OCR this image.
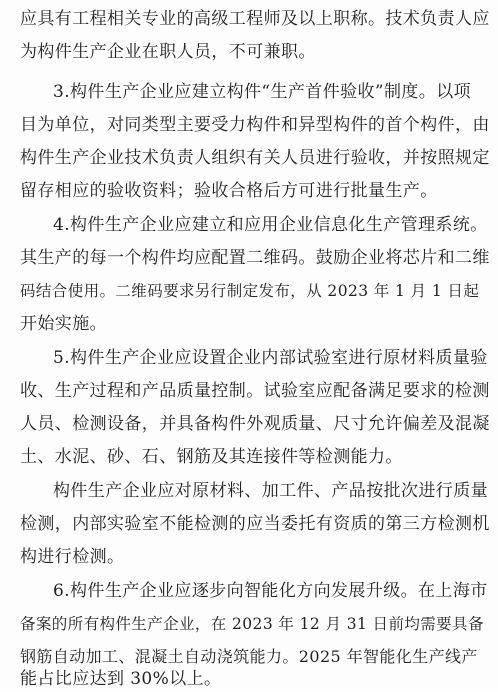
应具有工程相关专业的高级工程师及以上职称。技术负责人应
为构件生产企业在职人员，不可兼职。
3.构件生产企业应建立构件“生产首件验收”制度。以项
目为单位，对同类型主要受力构件和异型构件的首个构件，由
构件生产企业技术负责人组织有关人员进行验收，并按照规定
留存相应的验收资料；验收合格后方可进行批量生产。
4.构件生产企业应建立和应用企业信息化生产管理系统。
其生产的每一个构件均应配置二维码。鼓励企业将芯片和二维
码结合使用。二维码要求另行制定发布，从 2023 年 1 月 1 日起
开始实施。
5.构件生产企业应设置企业内部试验室进行原材料质量验
收、生产过程和产品质量控制。试验室应配备满足要求的检测
人员、检测设备，并具备构件外观质量、尺寸允许偏差及混凝
土、水泥、砂、石、钢筋及其连接件等检测能力。
构件生产企业应对原材料、加工件、产品按批次进行质量
检测，内部实验室不能检测的应当委托有资质的第三方检测机
构进行检测。
6.构件生产企业应逐步向智能化方向发展升级。在上海市
备案的所有构件生产企业，在 2023 年 12 月 31 日前均需要具备
钢筋自动加工、混凝土自动浇筑能力。2025 年智能化生产线产
能占比应达到 30%以上。
